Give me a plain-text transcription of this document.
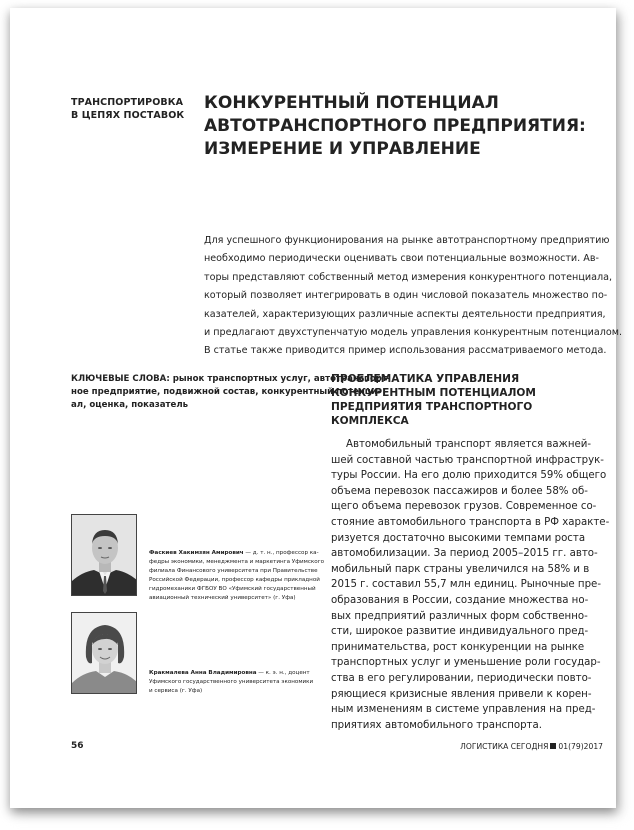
ТРАНСПОРТИРОВКА
В ЦЕПЯХ ПОСТАВОК
КОНКУРЕНТНЫЙ ПОТЕНЦИАЛ
АВТОТРАНСПОРТНОГО ПРЕДПРИЯТИЯ:
ИЗМЕРЕНИЕ И УПРАВЛЕНИЕ
Для успешного функционирования на рынке автотранспортному предприятию
необходимо периодически оценивать свои потенциальные возможности. Ав-
торы представляют собственный метод измерения конкурентного потенциала,
который позволяет интегрировать в один числовой показатель множество по-
казателей, характеризующих различные аспекты деятельности предприятия,
и предлагают двухступенчатую модель управления конкурентным потенциалом.
В статье также приводится пример использования рассматриваемого метода.
КЛЮЧЕВЫЕ СЛОВА: рынок транспортных услуг, автотранспорт-
ное предприятие, подвижной состав, конкурентный потенци-
ал, оценка, показатель
ПРОБЛЕМАТИКА УПРАВЛЕНИЯ
КОНКУРЕНТНЫМ ПОТЕНЦИАЛОМ
ПРЕДПРИЯТИЯ ТРАНСПОРТНОГО
КОМПЛЕКСА
Автомобильный транспорт является важней-
шей составной частью транспортной инфраструк-
туры России. На его долю приходится 59% общего
объема перевозок пассажиров и более 58% об-
щего объема перевозок грузов. Современное со-
стояние автомобильного транспорта в РФ характе-
ризуется достаточно высокими темпами роста
автомобилизации. За период 2005–2015 гг. авто-
мобильный парк страны увеличился на 58% и в
2015 г. составил 55,7 млн единиц. Рыночные пре-
образования в России, создание множества но-
вых предприятий различных форм собственно-
сти, широкое развитие индивидуального пред-
принимательства, рост конкуренции на рынке
транспортных услуг и уменьшение роли государ-
ства в его регулировании, периодически повто-
ряющиеся кризисные явления привели к корен-
ным изменениям в системе управления на пред-
приятиях автомобильного транспорта.
Фаскиев Хакимзян Амирович — д. т. н., профессор ка-
федры экономики, менеджмента и маркетинга Уфимского
филиала Финансового университета при Правительстве
Российской Федерации, профессор кафедры прикладной
гидромеханики ФГБОУ ВО «Уфимский государственный
авиационный технический университет» (г. Уфа)
Кракмалева Анна Владимировна — к. э. н., доцент
Уфимского государственного университета экономики
и сервиса (г. Уфа)
56	ЛОГИСТИКА СЕГОДНЯ 01(79)2017
